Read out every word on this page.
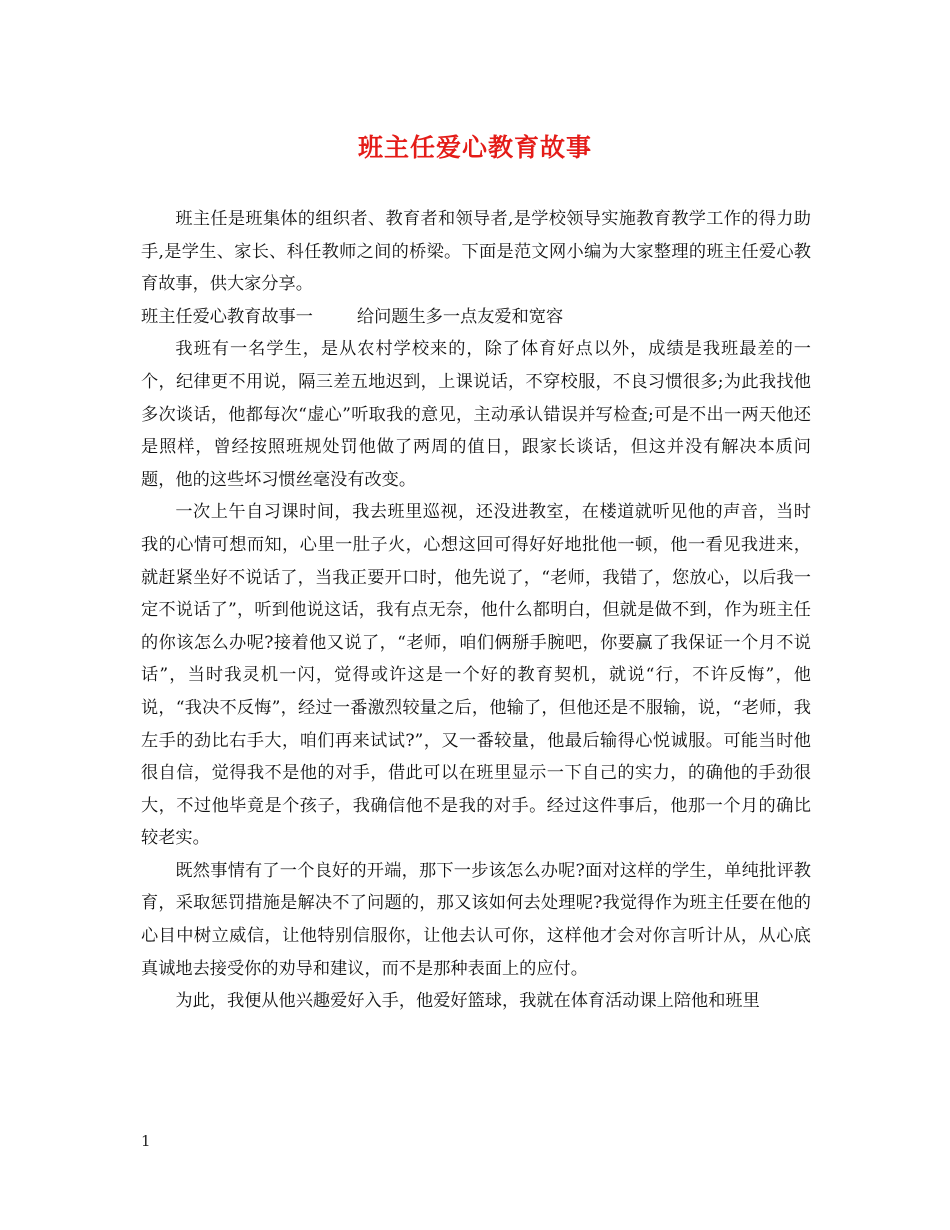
班主任爱心教育故事

班主任是班集体的组织者、教育者和领导者,是学校领导实施教育教学工作的得力助手,是学生、家长、科任教师之间的桥梁。下面是范文网小编为大家整理的班主任爱心教育故事，供大家分享。

班主任爱心教育故事一	给问题生多一点友爱和宽容

我班有一名学生，是从农村学校来的，除了体育好点以外，成绩是我班最差的一个，纪律更不用说，隔三差五地迟到，上课说话，不穿校服，不良习惯很多;为此我找他多次谈话，他都每次“虚心”听取我的意见，主动承认错误并写检查;可是不出一两天他还是照样，曾经按照班规处罚他做了两周的值日，跟家长谈话，但这并没有解决本质问题，他的这些坏习惯丝毫没有改变。

一次上午自习课时间，我去班里巡视，还没进教室，在楼道就听见他的声音，当时我的心情可想而知，心里一肚子火，心想这回可得好好地批他一顿，他一看见我进来，就赶紧坐好不说话了，当我正要开口时，他先说了，“老师，我错了，您放心，以后我一定不说话了”，听到他说这话，我有点无奈，他什么都明白，但就是做不到，作为班主任的你该怎么办呢?接着他又说了，“老师，咱们俩掰手腕吧，你要赢了我保证一个月不说话”，当时我灵机一闪，觉得或许这是一个好的教育契机，就说“行，不许反悔”，他说，“我决不反悔”，经过一番激烈较量之后，他输了，但他还是不服输，说，“老师，我左手的劲比右手大，咱们再来试试?”，又一番较量，他最后输得心悦诚服。可能当时他很自信，觉得我不是他的对手，借此可以在班里显示一下自己的实力，的确他的手劲很大，不过他毕竟是个孩子，我确信他不是我的对手。经过这件事后，他那一个月的确比较老实。

既然事情有了一个良好的开端，那下一步该怎么办呢?面对这样的学生，单纯批评教育，采取惩罚措施是解决不了问题的，那又该如何去处理呢?我觉得作为班主任要在他的心目中树立威信，让他特别信服你，让他去认可你，这样他才会对你言听计从，从心底真诚地去接受你的劝导和建议，而不是那种表面上的应付。

为此，我便从他兴趣爱好入手，他爱好篮球，我就在体育活动课上陪他和班里

1
